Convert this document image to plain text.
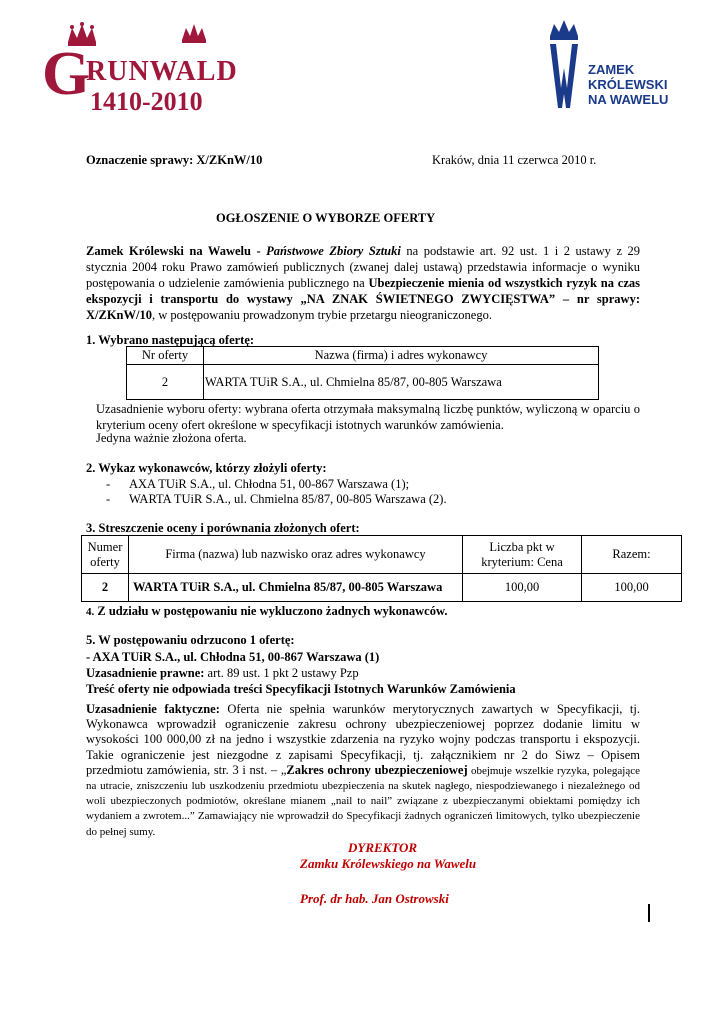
G
RUNWALD
1410-2010
ZAMEK
KRÓLEWSKI
NA WAWELU
Oznaczenie sprawy: X/ZKnW/10	Kraków, dnia 11 czerwca 2010 r.
OGŁOSZENIE O WYBORZE OFERTY

Zamek Królewski na Wawelu - Państwowe Zbiory Sztuki na podstawie art. 92 ust. 1 i 2 ustawy z 29 stycznia 2004 roku Prawo zamówień publicznych (zwanej dalej ustawą) przedstawia informacje o wyniku postępowania o udzielenie zamówienia publicznego na Ubezpieczenie mienia od wszystkich ryzyk na czas ekspozycji i transportu do wystawy „NA ZNAK ŚWIETNEGO ZWYCIĘSTWA” – nr sprawy: X/ZKnW/10, w postępowaniu prowadzonym trybie przetargu nieograniczonego.

1. Wybrano następującą ofertę:
Nr oferty	Nazwa (firma) i adres wykonawcy
2	WARTA TUiR S.A., ul. Chmielna 85/87, 00-805 Warszawa

Uzasadnienie wyboru oferty: wybrana oferta otrzymała maksymalną liczbę punktów, wyliczoną w oparciu o kryterium oceny ofert określone w specyfikacji istotnych warunków zamówienia.

Jedyna ważnie złożona oferta.

2. Wykaz wykonawców, którzy złożyli oferty:
- AXA TUiR S.A., ul. Chłodna 51, 00-867 Warszawa (1);
- WARTA TUiR S.A., ul. Chmielna 85/87, 00-805 Warszawa (2).
3. Streszczenie oceny i porównania złożonych ofert:
Numer oferty	Firma (nazwa) lub nazwisko oraz adres wykonawcy	Liczba pkt w kryterium: Cena	Razem:
2	WARTA TUiR S.A., ul. Chmielna 85/87, 00-805 Warszawa	100,00	100,00
4. Z udziału w postępowaniu nie wykluczono żadnych wykonawców.
5. W postępowaniu odrzucono 1 ofertę:
- AXA TUiR S.A., ul. Chłodna 51, 00-867 Warszawa (1)
Uzasadnienie prawne: art. 89 ust. 1 pkt 2 ustawy Pzp
Treść oferty nie odpowiada treści Specyfikacji Istotnych Warunków Zamówienia

Uzasadnienie faktyczne: Oferta nie spełnia warunków merytorycznych zawartych w Specyfikacji, tj. Wykonawca wprowadził ograniczenie zakresu ochrony ubezpieczeniowej poprzez dodanie limitu w wysokości 100 000,00 zł na jedno i wszystkie zdarzenia na ryzyko wojny podczas transportu i ekspozycji. Takie ograniczenie jest niezgodne z zapisami Specyfikacji, tj. załącznikiem nr 2 do Siwz – Opisem przedmiotu zamówienia, str. 3 i nst. – „Zakres ochrony ubezpieczeniowej obejmuje wszelkie ryzyka, polegające na utracie, zniszczeniu lub uszkodzeniu przedmiotu ubezpieczenia na skutek nagłego, niespodziewanego i niezależnego od woli ubezpieczonych podmiotów, określane mianem „nail to nail” związane z ubezpieczanymi obiektami pomiędzy ich wydaniem a zwrotem...” Zamawiający nie wprowadził do Specyfikacji żadnych ograniczeń limitowych, tylko ubezpieczenie do pełnej sumy.

DYREKTOR
Zamku Królewskiego na Wawelu
Prof. dr hab. Jan Ostrowski
